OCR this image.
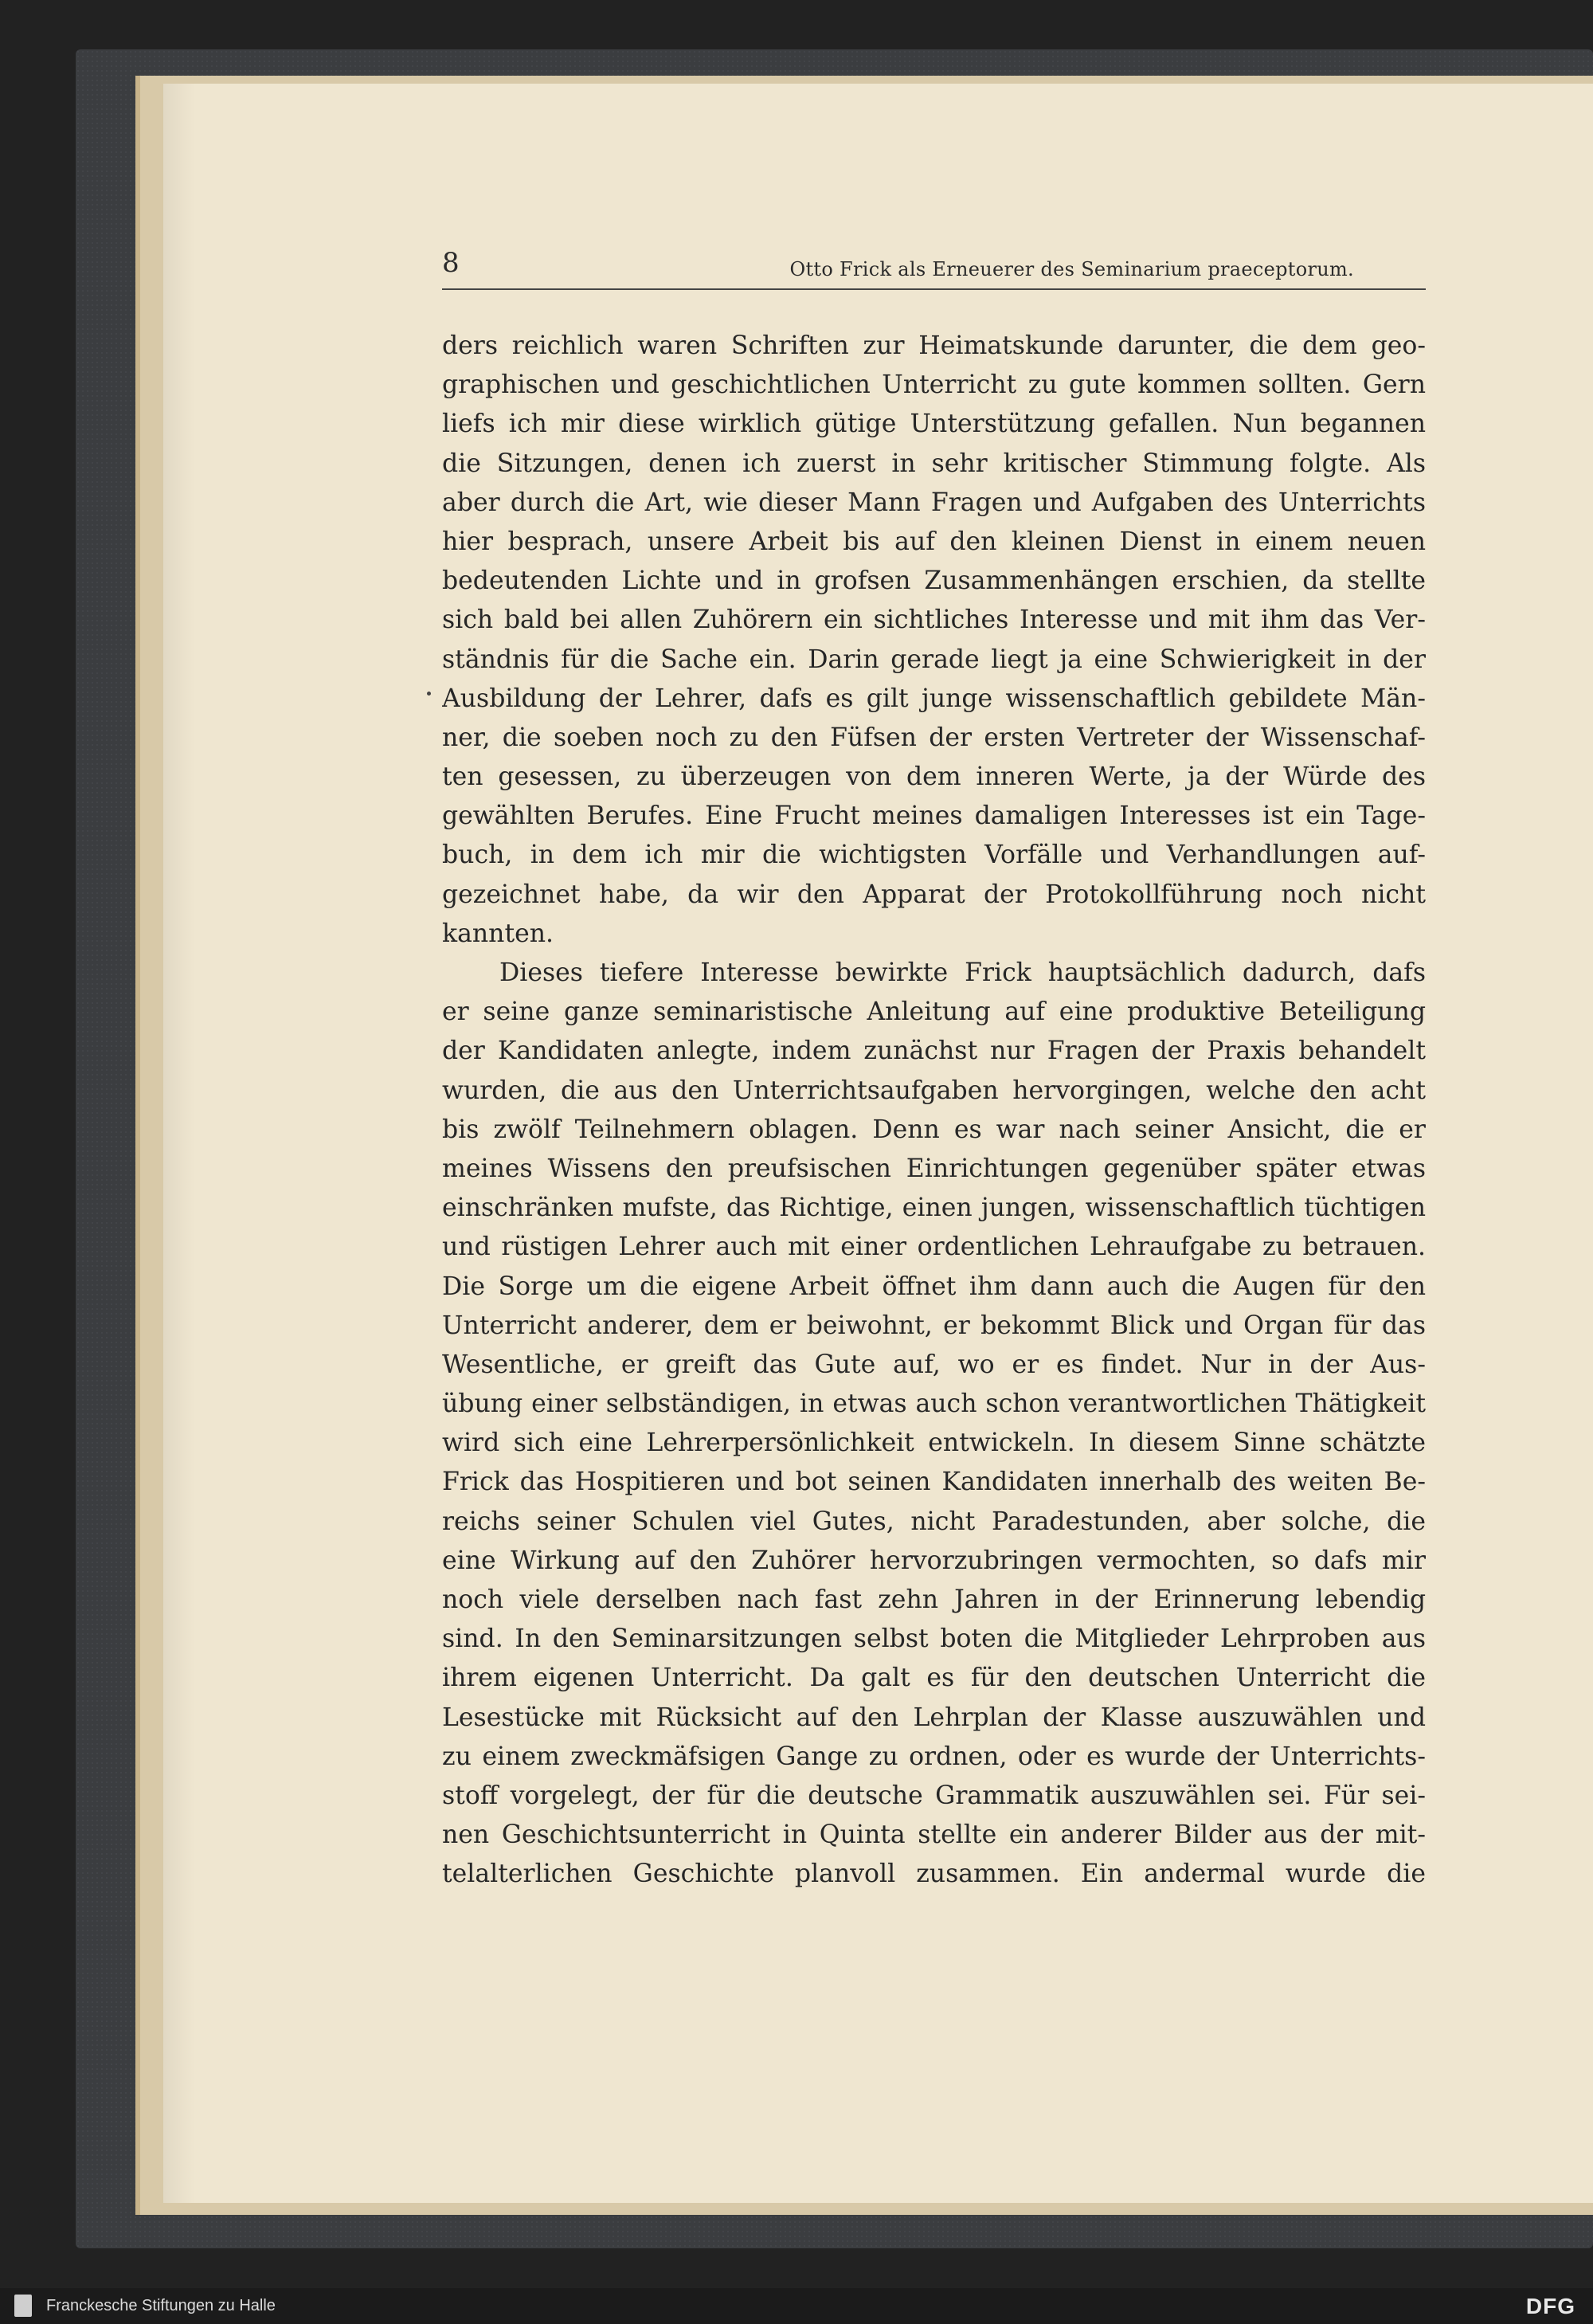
8	Otto Frick als Erneuerer des Seminarium praeceptorum.
ders reichlich waren Schriften zur Heimatskunde darunter, die dem geo-
graphischen und geschichtlichen Unterricht zu gute kommen sollten. Gern
liefs ich mir diese wirklich gütige Unterstützung gefallen. Nun begannen
die Sitzungen, denen ich zuerst in sehr kritischer Stimmung folgte. Als
aber durch die Art, wie dieser Mann Fragen und Aufgaben des Unterrichts
hier besprach, unsere Arbeit bis auf den kleinen Dienst in einem neuen
bedeutenden Lichte und in grofsen Zusammenhängen erschien, da stellte
sich bald bei allen Zuhörern ein sichtliches Interesse und mit ihm das Ver-
ständnis für die Sache ein. Darin gerade liegt ja eine Schwierigkeit in der
Ausbildung der Lehrer, dafs es gilt junge wissenschaftlich gebildete Män-
ner, die soeben noch zu den Füfsen der ersten Vertreter der Wissenschaf-
ten gesessen, zu überzeugen von dem inneren Werte, ja der Würde des
gewählten Berufes. Eine Frucht meines damaligen Interesses ist ein Tage-
buch, in dem ich mir die wichtigsten Vorfälle und Verhandlungen auf-
gezeichnet habe, da wir den Apparat der Protokollführung noch nicht
kannten.
Dieses tiefere Interesse bewirkte Frick hauptsächlich dadurch, dafs
er seine ganze seminaristische Anleitung auf eine produktive Beteiligung
der Kandidaten anlegte, indem zunächst nur Fragen der Praxis behandelt
wurden, die aus den Unterrichtsaufgaben hervorgingen, welche den acht
bis zwölf Teilnehmern oblagen. Denn es war nach seiner Ansicht, die er
meines Wissens den preufsischen Einrichtungen gegenüber später etwas
einschränken mufste, das Richtige, einen jungen, wissenschaftlich tüchtigen
und rüstigen Lehrer auch mit einer ordentlichen Lehraufgabe zu betrauen.
Die Sorge um die eigene Arbeit öffnet ihm dann auch die Augen für den
Unterricht anderer, dem er beiwohnt, er bekommt Blick und Organ für das
Wesentliche, er greift das Gute auf, wo er es findet. Nur in der Aus-
übung einer selbständigen, in etwas auch schon verantwortlichen Thätigkeit
wird sich eine Lehrerpersönlichkeit entwickeln. In diesem Sinne schätzte
Frick das Hospitieren und bot seinen Kandidaten innerhalb des weiten Be-
reichs seiner Schulen viel Gutes, nicht Paradestunden, aber solche, die
eine Wirkung auf den Zuhörer hervorzubringen vermochten, so dafs mir
noch viele derselben nach fast zehn Jahren in der Erinnerung lebendig
sind. In den Seminarsitzungen selbst boten die Mitglieder Lehrproben aus
ihrem eigenen Unterricht. Da galt es für den deutschen Unterricht die
Lesestücke mit Rücksicht auf den Lehrplan der Klasse auszuwählen und
zu einem zweckmäfsigen Gange zu ordnen, oder es wurde der Unterrichts-
stoff vorgelegt, der für die deutsche Grammatik auszuwählen sei. Für sei-
nen Geschichtsunterricht in Quinta stellte ein anderer Bilder aus der mit-
telalterlichen Geschichte planvoll zusammen. Ein andermal wurde die
Franckesche Stiftungen zu Halle	DFG
